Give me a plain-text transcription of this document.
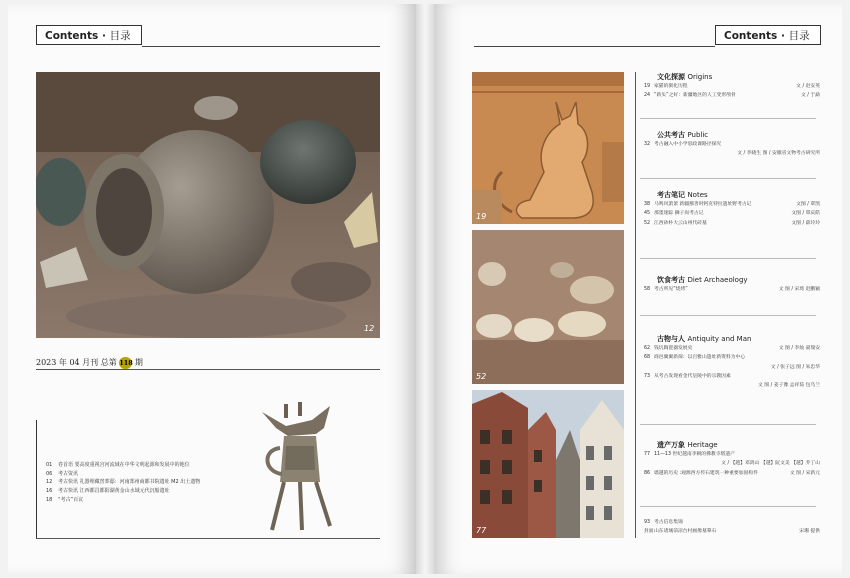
Contents · 目录	Contents · 目录
12
2023 年 04 月刊 总第 118 期
01 卷首语 要高度重视宫河流域在中华文明起源和发展中的地位
06 考古资讯
12 考古快讯 礼器埋藏窖葬邸：河南郑州商都书院遗址 M2 出土遗物
16 考古快讯 江西都昌都阳湖黄金山水域元代沉船遗址
18 “考古”百议
19
52
77
文化探源 Origins
19 家猫的驯化历程	文 / 赵安英
24 “新头”之好：新疆地区的人工变形颅骨	文 / 于勐
公共考古 Public
32 考古融入中小学思政课路径探究
文 / 李晓生 图 / 安徽省文物考古研究所
考古笔记 Notes
38 马鸣风萧萧 新疆鄯善时阿克特拉遗址野考古记	文图 / 覃凯
45 那墨迷踪 狮子岗考古记	文图 / 覃庆皓
52 江西砂朴大云山州代砖墓	文图 / 薛玲玲
饮食考古 Diet Archaeology
58 考古所见“烧烤”	文 图 / 宋琦 赵鹏颖
古物与人 Antiquity and Man
62 钱坑陶瓷器发展史	文 图 / 李灿 聂瑞安
68 商邑翼翼新探：以百雅山遗址新资料为中心
文 / 张子远 图 / 朱忠华
73 从考古发现看金代皇陵中的宗教因素
文 图 / 姜子豫 孟祥茹 包乌兰
遗产万象 Heritage
77 11—13 世纪越南李朝的佛教寺塔遗产
文 / 【越】邓鸿山 【越】阮文美 【越】乔丁山
86 墙越的历史 :观源西方传石建筑一种重要加固构件	文 图 / 宋新元
93 考古信息集锦
封面山东诸城前凉台村画像墓摹石	宋珊 提供
